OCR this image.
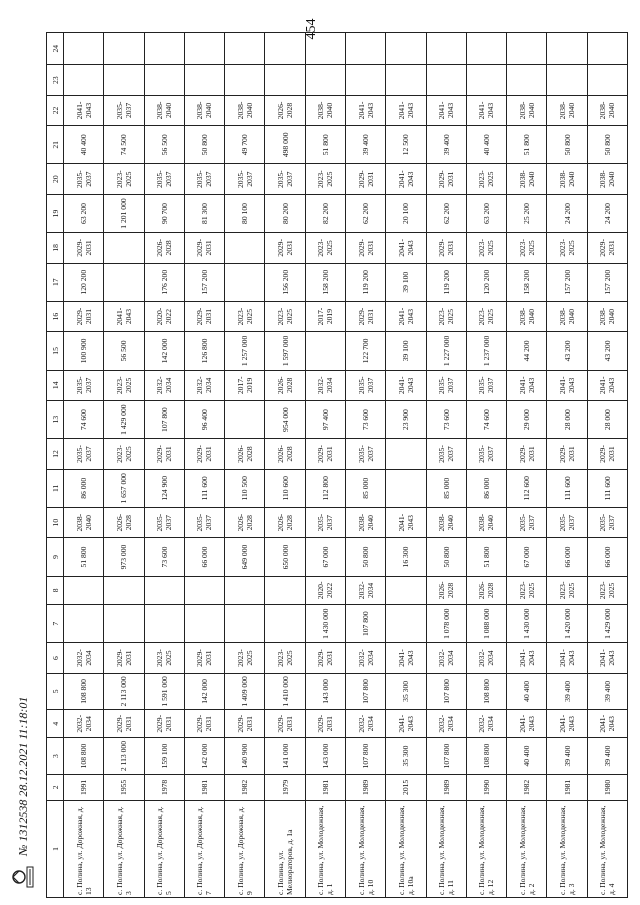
454
1	2	3	4	5	6	7	8	9	10	11	12	13	14	15	16	17	18	19	20	21	22	23	24
с. Полина, ул. Дорожная, д. 13	1991	108 800	2032-2034	108 800	2032-2034			51 800	2038-2040	86 000	2035-2037	74 600	2035-2037	100 900	2029-2031	120 200	2029-2031	63 200	2035-2037	40 400	2041-2043		
с. Полина, ул. Дорожная, д. 3	1955	2 113 000	2029-2031	2 113 000	2029-2031			973 000	2026-2028	1 657 000	2023-2025	1 429 000	2023-2025	56 500	2041-2043			1 201 000	2023-2025	74 500	2035-2037		
с. Полина, ул. Дорожная, д. 5	1978	159 100	2029-2031	1 591 000	2023-2025			73 600	2035-2037	124 900	2029-2031	107 800	2032-2034	142 000	2020-2022	176 200	2026-2028	90 700	2035-2037	56 500	2038-2040		
с. Полина, ул. Дорожная, д. 7	1981	142 000	2029-2031	142 000	2029-2031			66 000	2035-2037	111 600	2029-2031	96 400	2032-2034	126 800	2029-2031	157 200	2029-2031	81 300	2035-2037	50 800	2038-2040		
с. Полина, ул. Дорожная, д. 9	1982	140 900	2029-2031	1 409 000	2023-2025			649 000	2026-2028	110 500	2026-2028		2017-2019	1 257 000	2023-2025			80 100	2035-2037	49 700	2038-2040		
с. Полина, ул. Мелиораторов, д. 1а	1979	141 000	2029-2031	1 410 000	2023-2025			650 000	2026-2028	110 600	2026-2028	954 000	2026-2028	1 597 000	2023-2025	156 200	2029-2031	80 200	2035-2037	498 000	2026-2028		
с. Полина, ул. Молодежная, д. 1	1981	143 000	2029-2031	143 000	2029-2031	1 430 000	2020-2022	67 000	2035-2037	112 800	2029-2031	97 400	2032-2034		2017-2019	158 200	2023-2025	82 200	2023-2025	51 800	2038-2040		
с. Полина, ул. Молодежная, д. 10	1989	107 800	2032-2034	107 800	2032-2034	107 800	2032-2034	50 800	2038-2040	85 000	2035-2037	73 600	2035-2037	122 700	2029-2031	119 200	2029-2031	62 200	2029-2031	39 400	2041-2043		
с. Полина, ул. Молодежная, д. 10а	2015	35 300	2041-2043	35 300	2041-2043			16 300	2041-2043			23 900	2041-2043	39 100	2041-2043	39 100	2041-2043	20 100	2041-2043	12 500	2041-2043		
с. Полина, ул. Молодежная, д. 11	1989	107 800	2032-2034	107 800	2032-2034	1 078 000	2026-2028	50 800	2038-2040	85 000	2035-2037	73 600	2035-2037	1 227 000	2023-2025	119 200	2029-2031	62 200	2029-2031	39 400	2041-2043		
с. Полина, ул. Молодежная, д. 12	1990	108 800	2032-2034	108 800	2032-2034	1 088 000	2026-2028	51 800	2038-2040	86 000	2035-2037	74 600	2035-2037	1 237 000	2023-2025	120 200	2023-2025	63 200	2023-2025	40 400	2041-2043		
с. Полина, ул. Молодежная, д. 2	1982	40 400	2041-2043	40 400	2041-2043	1 430 000	2023-2025	67 000	2035-2037	112 600	2029-2031	29 000	2041-2043	44 200	2038-2040	158 200	2023-2025	25 200	2038-2040	51 800	2038-2040		
с. Полина, ул. Молодежная, д. 3	1981	39 400	2041-2043	39 400	2041-2043	1 420 000	2023-2025	66 000	2035-2037	111 600	2029-2031	28 000	2041-2043	43 200	2038-2040	157 200	2023-2025	24 200	2038-2040	50 800	2038-2040		
с. Полина, ул. Молодежная, д. 4	1980	39 400	2041-2043	39 400	2041-2043	1 429 000	2023-2025	66 000	2035-2037	111 600	2029-2031	28 000	2041-2043	43 200	2038-2040	157 200	2029-2031	24 200	2038-2040	50 800	2038-2040		
№ 1312538 28.12.2021 11:18:01
